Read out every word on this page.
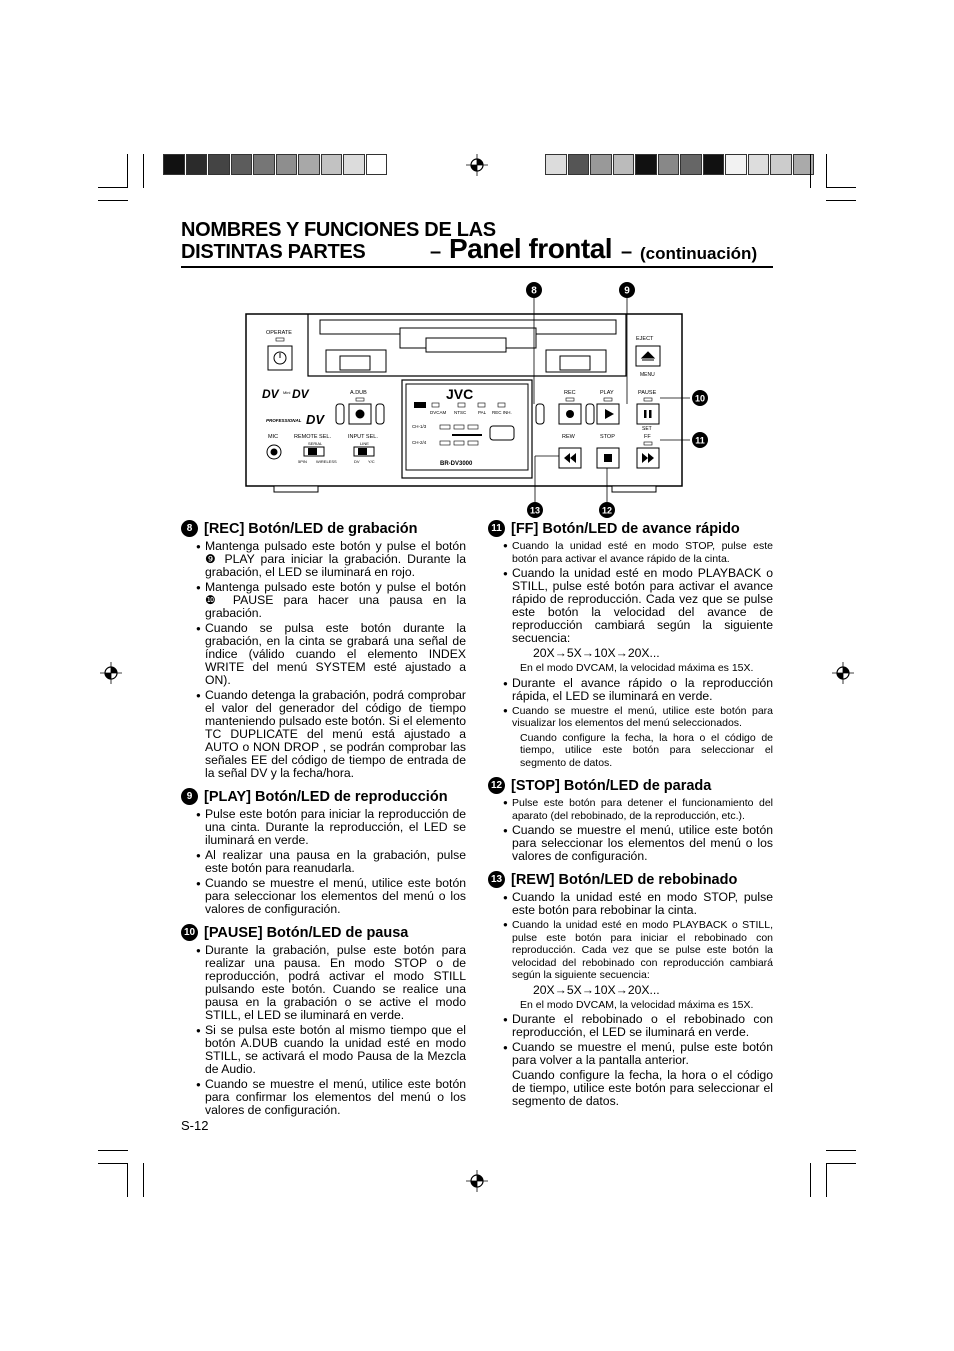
NOMBRES Y FUNCIONES DE LAS
DISTINTAS PARTES	– Panel frontal – (continuación)
OPERATE
DV Mini DV
PROFESSIONAL DV
A.DUB
MIC	REMOTE SEL.
SERIAL
5PIN WIRELESS
INPUT SEL.
LINE
DV Y/C
JVC
DVCAM NTSC	PAL REC INH.
CH-1/3
CH-2/4
BR-DV3000
EJECT
MENU
REC	PLAY	PAUSE
SET
REW	STOP	FF
8	9
10
11
12
13
8 [REC] Botón/LED de grabación
● Mantenga pulsado este botón y pulse el botón ❾ PLAY para iniciar la grabación. Durante la grabación, el LED se iluminará en rojo.
● Mantenga pulsado este botón y pulse el botón ❿ PAUSE para hacer una pausa en la grabación.
● Cuando se pulsa este botón durante la grabación, en la cinta se grabará una señal de índice (válido cuando el elemento INDEX WRITE del menú SYSTEM esté ajustado a ON).
● Cuando detenga la grabación, podrá comprobar el valor del generador del código de tiempo manteniendo pulsado este botón. Si el elemento TC DUPLICATE del menú está ajustado a AUTO o NON DROP , se podrán comprobar las señales EE del código de tiempo de entrada de la señal DV y la fecha/hora.
9 [PLAY] Botón/LED de reproducción
● Pulse este botón para iniciar la reproducción de una cinta. Durante la reproducción, el LED se iluminará en verde.
● Al realizar una pausa en la grabación, pulse este botón para reanudarla.
● Cuando se muestre el menú, utilice este botón para seleccionar los elementos del menú o los valores de configuración.
10 [PAUSE] Botón/LED de pausa
● Durante la grabación, pulse este botón para realizar una pausa. En modo STOP o de reproducción, podrá activar el modo STILL pulsando este botón. Cuando se realice una pausa en la grabación o se active el modo STILL, el LED se iluminará en verde.
● Si se pulsa este botón al mismo tiempo que el botón A.DUB cuando la unidad esté en modo STILL, se activará el modo Pausa de la Mezcla de Audio.
● Cuando se muestre el menú, utilice este botón para confirmar los elementos del menú o los valores de configuración.
11 [FF] Botón/LED de avance rápido
● Cuando la unidad esté en modo STOP, pulse este botón para activar el avance rápido de la cinta.
● Cuando la unidad esté en modo PLAYBACK o STILL, pulse esté botón para activar el avance rápido de reproducción. Cada vez que se pulse este botón la velocidad del avance de reproducción cambiará según la siguiente secuencia:
20X→5X→10X→20X...
En el modo DVCAM, la velocidad máxima es 15X.
● Durante el avance rápido o la reproducción rápida, el LED se iluminará en verde.
● Cuando se muestre el menú, utilice este botón para visualizar los elementos del menú seleccionados.
Cuando configure la fecha, la hora o el código de tiempo, utilice este botón para seleccionar el segmento de datos.
12 [STOP] Botón/LED de parada
● Pulse este botón para detener el funcionamiento del aparato (del rebobinado, de la reproducción, etc.).
● Cuando se muestre el menú, utilice este botón para seleccionar los elementos del menú o los valores de configuración.
13 [REW] Botón/LED de rebobinado
● Cuando la unidad esté en modo STOP, pulse este botón para rebobinar la cinta.
● Cuando la unidad esté en modo PLAYBACK o STILL, pulse este botón para iniciar el rebobinado con reproducción. Cada vez que se pulse este botón la velocidad del rebobinado con reproducción cambiará según la siguiente secuencia:
20X→5X→10X→20X...
En el modo DVCAM, la velocidad máxima es 15X.
● Durante el rebobinado o el rebobinado con reproducción, el LED se iluminará en verde.
● Cuando se muestre el menú, pulse este botón para volver a la pantalla anterior.
Cuando configure la fecha, la hora o el código de tiempo, utilice este botón para seleccionar el segmento de datos.
S-12
